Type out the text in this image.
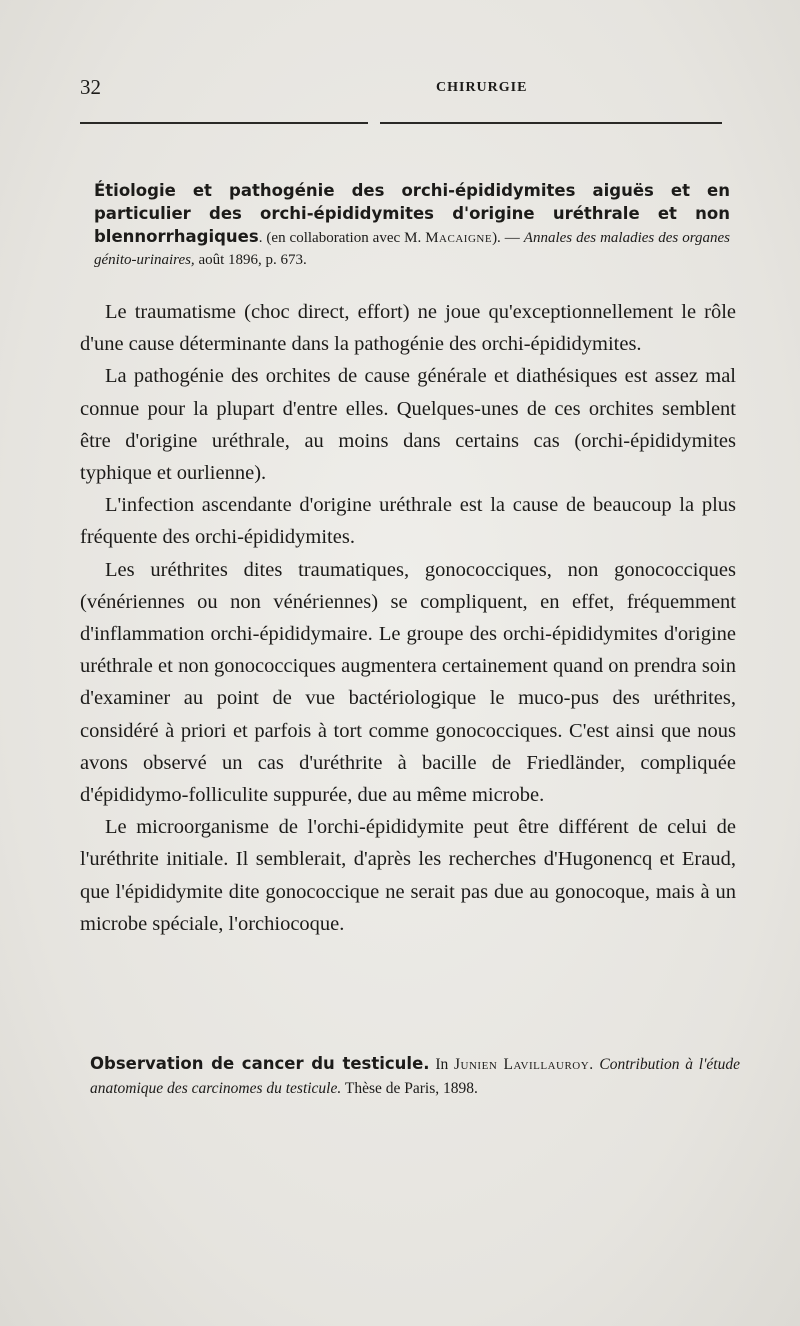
32	CHIRURGIE
Étiologie et pathogénie des orchi-épididymites aiguës et en particulier des orchi-épididymites d'origine uréthrale et non blennorrhagiques. (en collaboration avec M. Macaigne). — Annales des maladies des organes génito-urinaires, août 1896, p. 673.

Le traumatisme (choc direct, effort) ne joue qu'exceptionnellement le rôle d'une cause déterminante dans la pathogénie des orchi-épididymites.

La pathogénie des orchites de cause générale et diathésiques est assez mal connue pour la plupart d'entre elles. Quelques-unes de ces orchites semblent être d'origine uréthrale, au moins dans certains cas (orchi-épididymites typhique et ourlienne).

L'infection ascendante d'origine uréthrale est la cause de beaucoup la plus fréquente des orchi-épididymites.

Les uréthrites dites traumatiques, gonococciques, non gonococciques (vénériennes ou non vénériennes) se compliquent, en effet, fréquemment d'inflammation orchi-épididymaire. Le groupe des orchi-épididymites d'origine uréthrale et non gonococciques augmentera certainement quand on prendra soin d'examiner au point de vue bactériologique le muco-pus des uréthrites, considéré à priori et parfois à tort comme gonococciques. C'est ainsi que nous avons observé un cas d'uréthrite à bacille de Friedländer, compliquée d'épididymo-folliculite suppurée, due au même microbe.

Le microorganisme de l'orchi-épididymite peut être différent de celui de l'uréthrite initiale. Il semblerait, d'après les recherches d'Hugonencq et Eraud, que l'épididymite dite gonococcique ne serait pas due au gonocoque, mais à un microbe spéciale, l'orchiocoque.

Observation de cancer du testicule. In Junien Lavillauroy. Contribution à l'étude anatomique des carcinomes du testicule. Thèse de Paris, 1898.
